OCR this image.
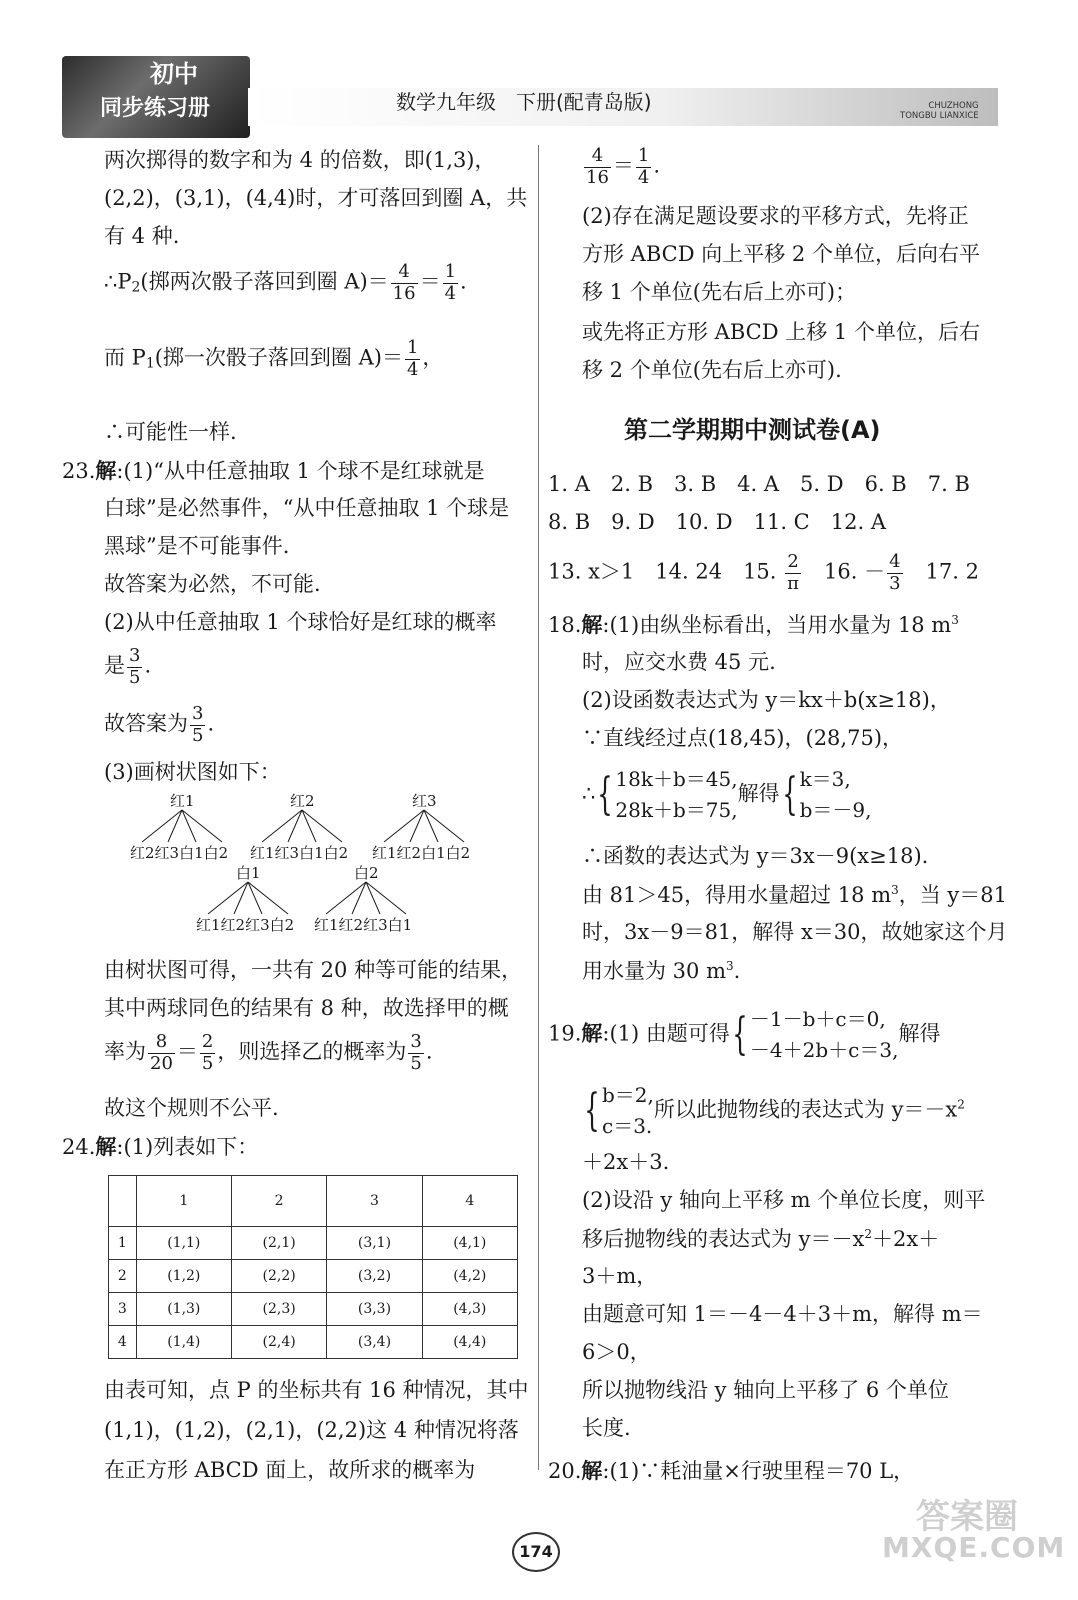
初中
同步练习册	数学九年级　下册(配青岛版)	CHUZHONG
TONGBU LIANXICE
两次掷得的数字和为 4 的倍数，即(1,3)，
(2,2)，(3,1)，(4,4)时，才可落回到圈 A，共
有 4 种.
$\therefore P_2$(掷两次骰子落回到圈 $A)= \frac{4}{16} = \frac{1}{4}$ .
而 $P_1$(掷一次骰子落回到圈 $A)= \frac{1}{4}$ ，
∴可能性一样.
23.解:(1)“从中任意抽取 1 个球不是红球就是
白球”是必然事件，“从中任意抽取 1 个球是
黑球”是不可能事件.
故答案为必然，不可能.
(2)从中任意抽取 1 个球恰好是红球的概率
是 $\frac{3}{5}$ .
故答案为 $\frac{3}{5}$ .
(3)画树状图如下：
红1	红2	红3
红2红3白1白2 红1红3白1白2 红1红2白1白2
白1	白2
红1红2红3白2 红1红2红3白1
由树状图可得，一共有 20 种等可能的结果，
其中两球同色的结果有 8 种，故选择甲的概
率为 $\frac{8}{20} = \frac{2}{5}$ ，则选择乙的概率为 $\frac{3}{5}$ .
故这个规则不公平.
24.解:(1)列表如下：
	1	2	3	4
1	(1,1)	(2,1)	(3,1)	(4,1)
2	(1,2)	(2,2)	(3,2)	(4,2)
3	(1,3)	(2,3)	(3,3)	(4,3)
4	(1,4)	(2,4)	(3,4)	(4,4)
由表可知，点 P 的坐标共有 16 种情况，其中
(1,1)，(1,2)，(2,1)，(2,2)这 4 种情况将落
在正方形 ABCD 面上，故所求的概率为
$\frac{4}{16} = \frac{1}{4}$ .
(2)存在满足题设要求的平移方式，先将正
方形 ABCD 向上平移 2 个单位，后向右平
移 1 个单位(先右后上亦可)；
或先将正方形 ABCD 上移 1 个单位，后右
移 2 个单位(先右后上亦可).
第二学期期中测试卷(A)
1. A　2. B　3. B　4. A　5. D　6. B　7. B
8. B　9. D　10. D　11. C　12. A
13. x＞1　14. 24　15. $\frac{2}{\pi}$ 　16. － $\frac{4}{3}$ 　17. 2
18.解:(1)由纵坐标看出，当用水量为 18 $m^3$
时，应交水费 45 元.
(2)设函数表达式为 y＝kx＋b(x≥18)，
∵直线经过点(18,45)，(28,75)，
∴{ 18k＋b＝45,
28k＋b＝75,
解得{ k＝3,
b＝－9,
∴函数的表达式为 y＝3x－9(x≥18).
由 81＞45，得用水量超过 18 $m^3$，当 y＝81
时，3x－9＝81，解得 x＝30，故她家这个月
用水量为 30 $m^3$.
19.解:(1) 由题可得{ －1－b＋c＝0,
－4＋2b＋c＝3,
解得
{ b＝2,
c＝3.
所以此抛物线的表达式为 $y=-x^2$
＋2x＋3.
(2)设沿 y 轴向上平移 m 个单位长度，则平
移后抛物线的表达式为 $y=-x^2+2x+$
3＋m，
由题意可知 1＝－4－4＋3＋m，解得 m＝
6＞0，
所以抛物线沿 y 轴向上平移了 6 个单位
长度.
20.解:(1)∵耗油量×行驶里程＝70 L，
174
答案圈
MXQE.COM
